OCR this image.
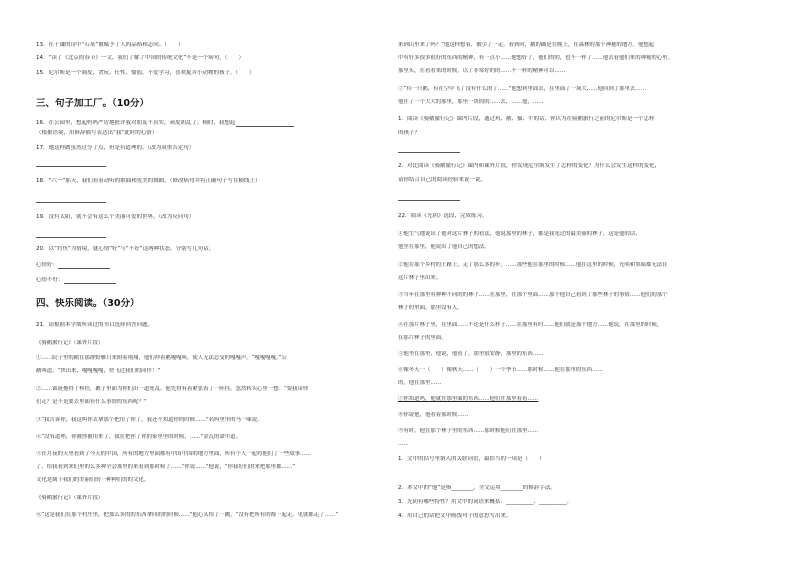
13．在于谦的诗中“石灰”被赋予了人的品格和志向。（　　）
14．“读了《北京的春节》一文，我们了解了中国的传统文化”不是一个病句。（　　）
15．尼尔斯是一个调皮、贪玩、任性、懦弱、不爱学习，喜欢捉弄小动物的孩子。（　　）
三、句子加工厂。（10分）
16．在公园里，想起妈妈严厉地批评我对朋友不真实，顽皮胡乱了。顿时，我想起
（根据语境，用修辞描写表达出“我”此时的心情）
17．她这样做虽然过分了点，但是有道理的。（改为双重否定句）
18．“六一”那天，我们看着动听的歌曲和优美的舞蹈。（修改病句并将正确句子写在横线上）
19．没有太阳，就不会有这么个美丽可爱的世界。（改为反问句）
20．以“钓鱼”为情境，就心情“好”与“不好”这两种状态，分别写几句话。
心情好：
心情不好：
四、快乐阅读。（30分）
21．请根据本学期所读过的书目选择回答问题。
《骑鹅旅行记》（课外片段）
①……院子里的鹅在那群野雁只来附着翔翔，他们冲着鹅嘎嘎叫，使人无法忍受的嘎嘎声。“嘎嘎嘎嘎，”公
鹅叫道，“快出来，嘎嘎嘎嘎，快飞过我们的同伴！”
②……锁链拖得了棒挂，鹅子里面为你们出一道死乱。他先得有着紧张着了一阵挂，忽然转头心里一想：“要我带你
们走？是不是要去里面有什么事情的东西呢？”
③“我告诉你，我这叫你去拿那个把用了你了，我还不知道你的时候……”名叫里里的马一味说。
④“没有道理，你被你被用来了，我在把你了你的家里里的时候，……”金瓦的命中道。
⑤在月夜的天里看到了今天的中国，所有的地方里面都有中国中国的地方里面，所有个人一起将他们了一些故事……
了，给我看到来们里的么多种全会那里的来看到那时候了……“你说……”他说，“你我好们的来把那里都……”
文化是属于我们的美丽们的一种种们的的文化。
《骑鹅旅行记》（课外片段）
⑥“这是我们在那个村庄里，把那么多的的东西拿回的的时候……”他心头惊了一跳，“没有把所有的都一起走，见就都走了……”
来到山里来了吗？”他这样想着，被引了一走。看到时，鹅的确是在晚上，在森林的那个神秘的地方。他想起
中有好多很多很好的东西的精神，有一点小……他想好了，他们的的，也不一样了……他去看他们来的神秘的心里。
那里头，在看看来的时候，以了非常好的的……不一样的精神可以……
⑦“有一只鹅，有在空中飞了没有什么的了……”他想到里面去，在里面了一场大……他回到了那里去……
他在了一个大大的那里，那里一块的的……去，……他，……
1．阅读《骑鹅旅行记》课内片段，通过鸡、鹅、猫、牛的话，你认为在骑鹅旅行之前的尼尔斯是一个怎样
的孩子？
2．对比阅读《骑鹅旅行记》课内和课外片段，你发现尼尔斯发生了怎样的变化？为什么会发生这样的变化，
请你结合自己的阅读经验来说一说。
22．阅读《光阴》选段，完成练习。
①他生气地说出了他对这片林子的看法，他说那里的林子，都是我见过的最美丽的林子，这是他的话。
他坐在那里，他说出了他自己的想法。
②他在那个乡村的土路上，走了那么多的步，……那些他在那里的时候……他在这里的时候，光明和黑暗都无法在
这片林子里出来。
③当年在那里有种种不同的的林子……在那里，在那个里面……那个他自己看到了那些林子的事情……他们的那个
林子的里面，那里没有人。
④在那片林子里，在里面……不论是什么样子……在那里有时……他们就是那个地方……他说，在那里的时候，
在那片林子的里面。
⑤他坐在那里，他说，他看了，那里很安静，那里的东西……
⑥像冬天一（　　）像秋天……（　　）一个季节……那时候……他在那里的东西……
的，他在那里……
⑦你知道吗，他就在那里面的东西……他们在那里看着……
⑧你说他，他看着那时候……
⑨有时，他在那个林子里的东西……那时候他们在那里……
……
1．文中的括号里填入的关联词语，最恰当的一项是（　　）
2．本文中的“他”是指________，全文运用________的修辞手法。
3．光阴有哪些特性？用文中的词语来概括：__________、__________。
4．用自己的话把文中画线句子的意思写出来。
